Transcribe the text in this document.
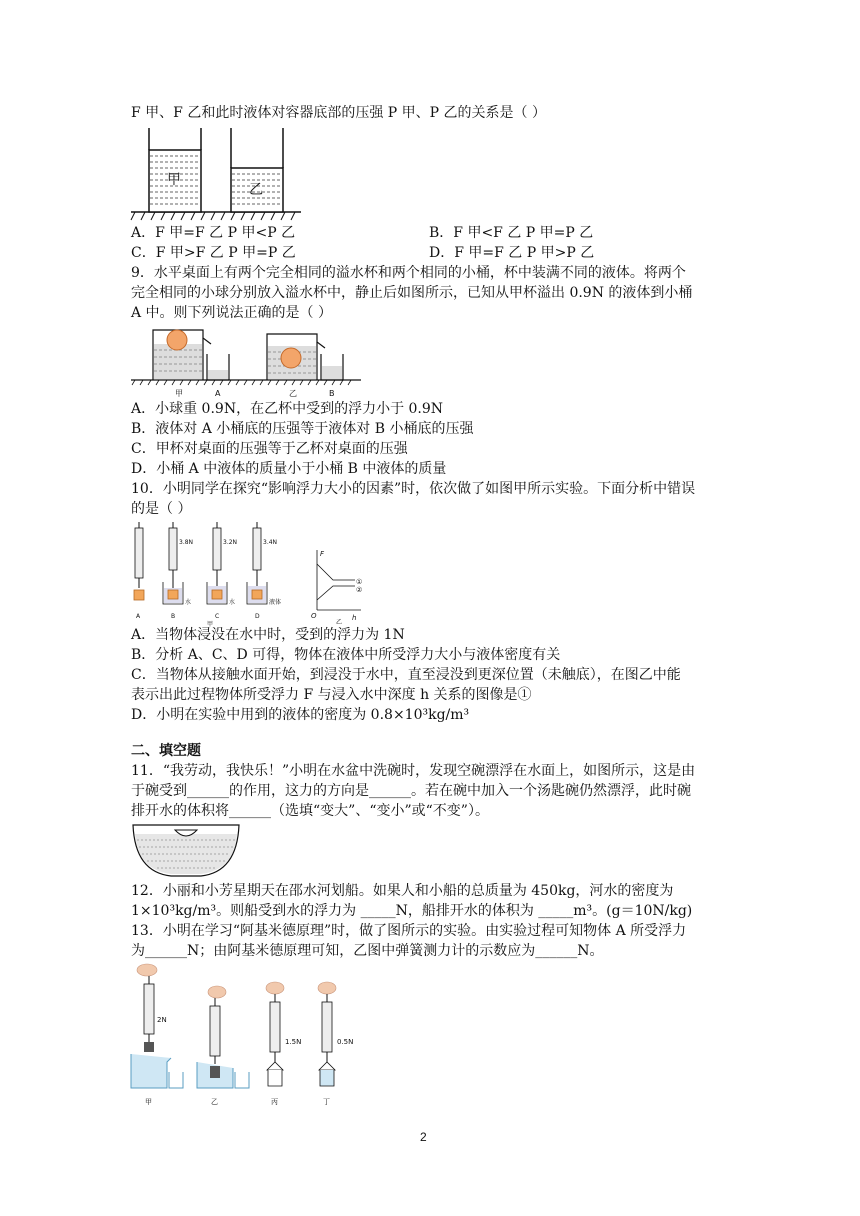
F 甲、F 乙和此时液体对容器底部的压强 P 甲、P 乙的关系是（ ）
甲
乙
A．F 甲=F 乙 P 甲<P 乙	B．F 甲<F 乙 P 甲=P 乙
C．F 甲>F 乙 P 甲=P 乙	D．F 甲=F 乙 P 甲>P 乙
9．水平桌面上有两个完全相同的溢水杯和两个相同的小桶，杯中装满不同的液体。将两个
完全相同的小球分别放入溢水杯中，静止后如图所示，已知从甲杯溢出 0.9N 的液体到小桶
A 中。则下列说法正确的是（ ）
甲	A	乙	B
A．小球重 0.9N，在乙杯中受到的浮力小于 0.9N
B．液体对 A 小桶底的压强等于液体对 B 小桶底的压强
C．甲杯对桌面的压强等于乙杯对桌面的压强
D．小桶 A 中液体的质量小于小桶 B 中液体的质量
10．小明同学在探究“影响浮力大小的因素”时，依次做了如图甲所示实验。下面分析中错误
的是（ ）
A
3.8N
水
B
3.2N
水
C
3.4N
液体
D
甲
F
h
O
①
②
乙
A．当物体浸没在水中时，受到的浮力为 1N
B．分析 A、C、D 可得，物体在液体中所受浮力大小与液体密度有关
C．当物体从接触水面开始，到浸没于水中，直至浸没到更深位置（未触底），在图乙中能
表示出此过程物体所受浮力 F 与浸入水中深度 h 关系的图像是①
D．小明在实验中用到的液体的密度为 0.8×10³kg/m³
二、填空题
11．“我劳动，我快乐！”小明在水盆中洗碗时，发现空碗漂浮在水面上，如图所示，这是由
于碗受到______的作用，这力的方向是______。若在碗中加入一个汤匙碗仍然漂浮，此时碗
排开水的体积将______（选填“变大”、“变小”或“不变”）。
12．小丽和小芳星期天在邵水河划船。如果人和小船的总质量为 450kg，河水的密度为
1×10³kg/m³。则船受到水的浮力为 _____N，船排开水的体积为 _____m³。(g＝10N/kg)
13．小明在学习“阿基米德原理”时，做了图所示的实验。由实验过程可知物体 A 所受浮力
为______N；由阿基米德原理可知，乙图中弹簧测力计的示数应为______N。
2N
甲	乙
1.5N
丙
0.5N
丁
2
